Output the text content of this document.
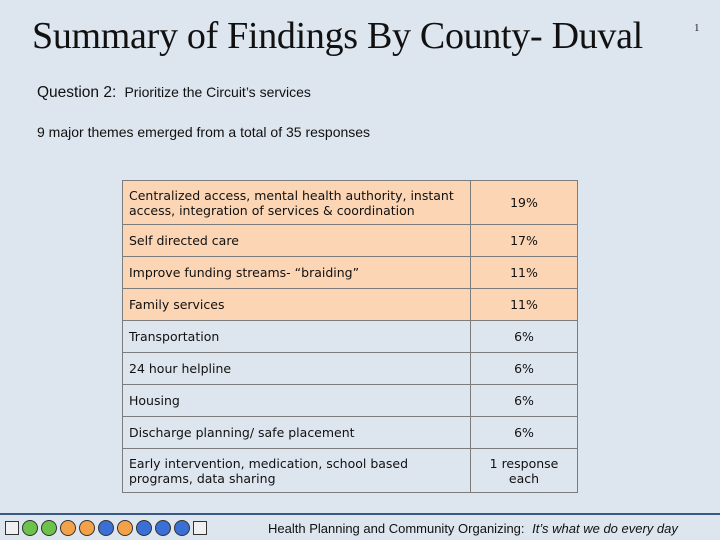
Summary of Findings By County- Duval	1
Question 2: Prioritize the Circuit’s services
9 major themes emerged from a total of 35 responses
Centralized access, mental health authority, instant access, integration of services & coordination	19%
Self directed care	17%
Improve funding streams- “braiding”	11%
Family services	11%
Transportation	6%
24 hour helpline	6%
Housing	6%
Discharge planning/ safe placement	6%
Early intervention, medication, school based programs, data sharing	1 response each
Health Planning and Community Organizing: It’s what we do every day
